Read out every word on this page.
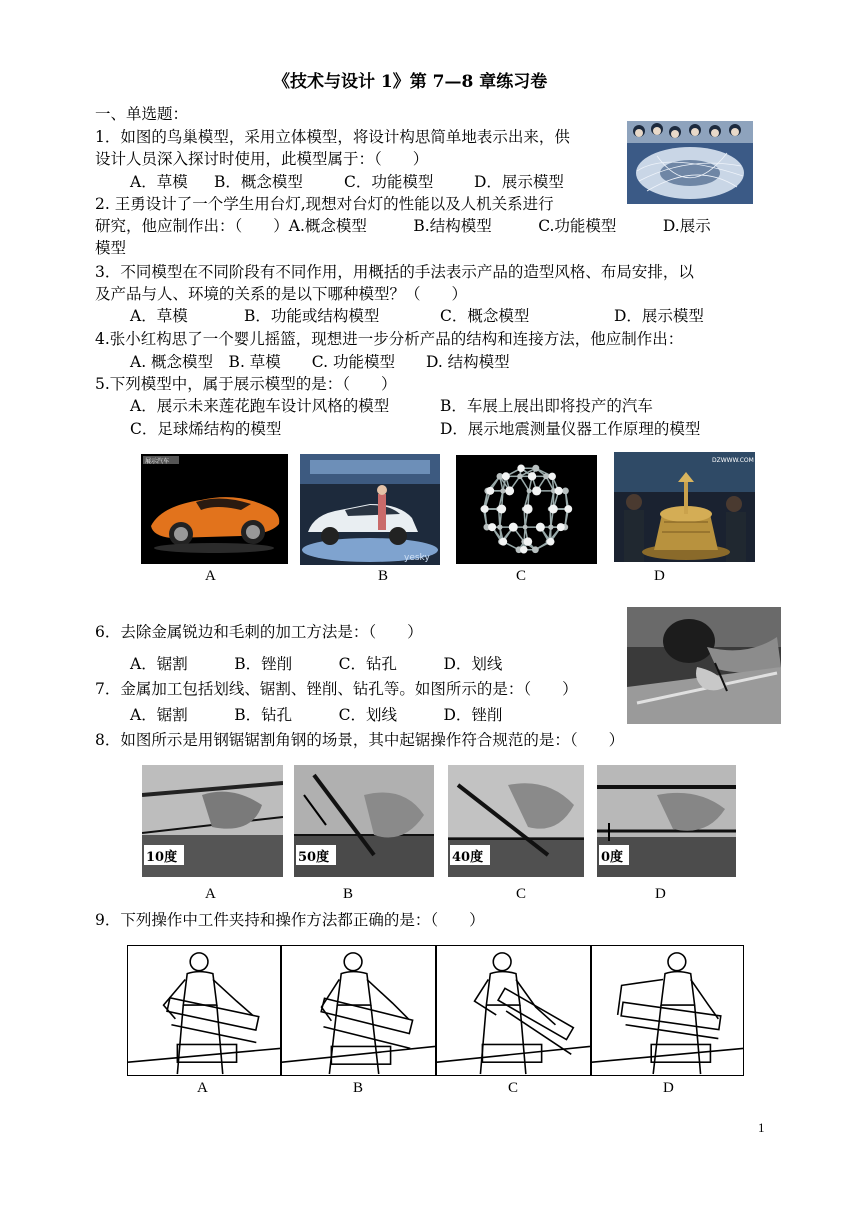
《技术与设计 1》第 7—8 章练习卷
一、单选题：
1．如图的鸟巢模型，采用立体模型，将设计构思简单地表示出来，供
设计人员深入探讨时使用，此模型属于：（　　）
A．草模 B．概念模型	C．功能模型	D．展示模型
2. 王勇设计了一个学生用台灯,现想对台灯的性能以及人机关系进行
研究，他应制作出：（　　）A.概念模型　　　B.结构模型　　　C.功能模型　　　D.展示
模型
3．不同模型在不同阶段有不同作用，用概括的手法表示产品的造型风格、布局安排，以
及产品与人、环境的关系的是以下哪种模型？（　　）
A．草模	B．功能或结构模型	C．概念模型	D．展示模型
4.张小红构思了一个婴儿摇篮，现想进一步分析产品的结构和连接方法，他应制作出：
A. 概念模型　B. 草模　　C. 功能模型　　D. 结构模型
5.下列模型中，属于展示模型的是：（　　）
A．展示未来莲花跑车设计风格的模型	B．车展上展出即将投产的汽车
C．足球烯结构的模型	D．展示地震测量仪器工作原理的模型
展示汽车
yesky
DZWWW.COM
A	B	C	D
6．去除金属锐边和毛刺的加工方法是：（　　）
A．锯割　　　B．锉削　　　C．钻孔　　　D．划线
7．金属加工包括划线、锯割、锉削、钻孔等。如图所示的是：（　　）
A．锯割　　　B．钻孔　　　C．划线　　　D．锉削
8．如图所示是用钢锯锯割角钢的场景，其中起锯操作符合规范的是：（　　）
10度	50度	40度	0度
A	B	C	D
9．下列操作中工件夹持和操作方法都正确的是：（　　）
A	B	C	D
1
